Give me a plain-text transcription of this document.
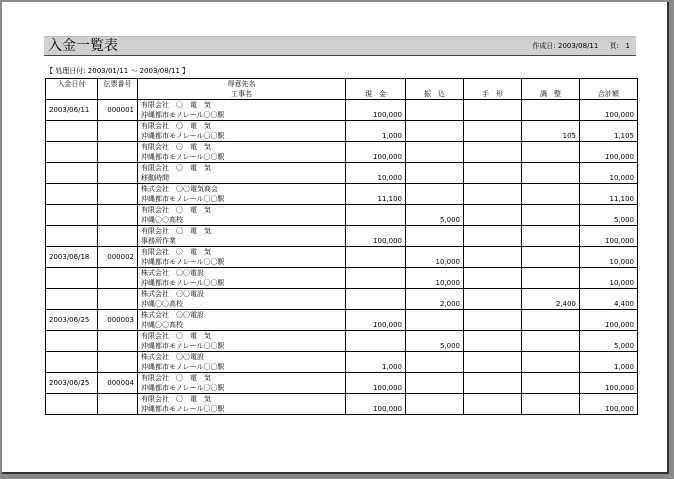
入金一覧表	作成日: 2003/08/11 頁: 1
【 処理日付: 2003/01/11 ～ 2003/08/11 】
入金日付	伝票番号	得意先名	現　金	振　込	手　形	調　整	合計額
		工事名					
2003/06/11	000001	有限会社　〇　電　気	100,000				100,000
		沖縄都市モノレール〇〇駅					
		有限会社　〇　電　気	1,000			105	1,105
		沖縄都市モノレール〇〇駅					
		有限会社　〇　電　気	100,000				100,000
		沖縄都市モノレール〇〇駅					
		有限会社　〇　電　気	10,000				10,000
		移動時間					
		株式会社　〇〇電気商会	11,100				11,100
		沖縄都市モノレール〇〇駅					
		有限会社　〇　電　気		5,000			5,000
		沖縄〇〇高校					
		有限会社　〇　電　気	100,000				100,000
		事務所作業					
2003/06/18	000002	有限会社　〇　電　気		10,000			10,000
		沖縄都市モノレール〇〇駅					
		株式会社　〇〇電設		10,000			10,000
		沖縄都市モノレール〇〇駅					
		株式会社　〇〇電設		2,000		2,400	4,400
		沖縄〇〇高校					
2003/06/25	000003	株式会社　〇〇電設	100,000				100,000
		沖縄〇〇高校					
		有限会社　〇　電　気		5,000			5,000
		沖縄都市モノレール〇〇駅					
		株式会社　〇〇電設	1,000				1,000
		沖縄都市モノレール〇〇駅					
2003/06/25	000004	有限会社　〇　電　気	100,000				100,000
		沖縄都市モノレール〇〇駅					
		有限会社　〇　電　気	100,000				100,000
		沖縄都市モノレール〇〇駅					
